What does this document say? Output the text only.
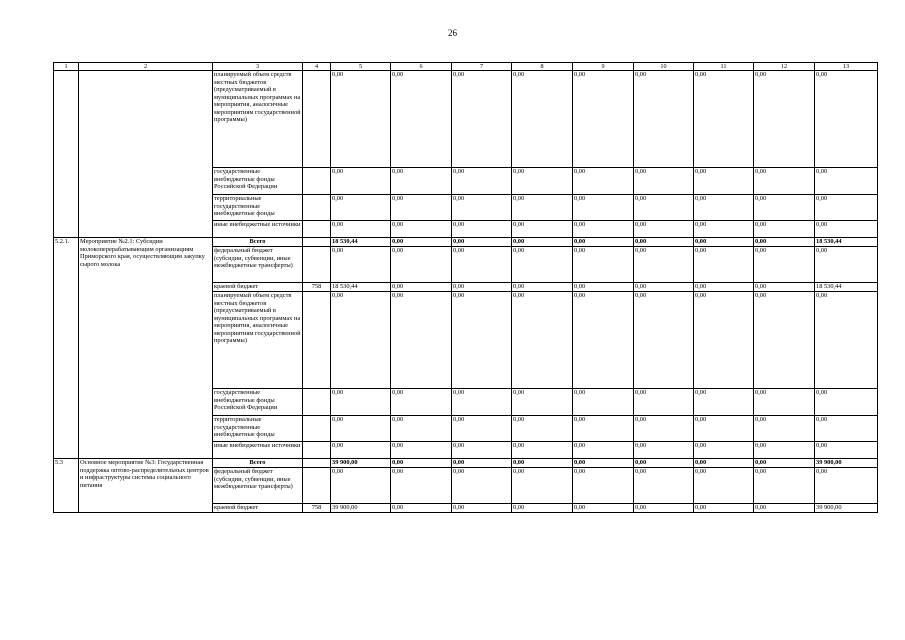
26
1	2	3	4	5	6	7	8	9	10	11	12	13
		планируемый объем средств местных бюджетов (предусматриваемый в муниципальных программах на мероприятия, аналогичные мероприятиям государственной программы)		0,00	0,00	0,00	0,00	0,00	0,00	0,00	0,00	0,00
		государственные внебюджетные фонды Российской Федерации		0,00	0,00	0,00	0,00	0,00	0,00	0,00	0,00	0,00
		территориальные государственные внебюджетные фонды		0,00	0,00	0,00	0,00	0,00	0,00	0,00	0,00	0,00
		иные внебюджетные источники		0,00	0,00	0,00	0,00	0,00	0,00	0,00	0,00	0,00
5.2.1.	Мероприятие №2.1: Субсидии молокоперерабатывающим организациям Приморского края, осуществляющим закупку сырого молока	Всего		18 530,44	0,00	0,00	0,00	0,00	0,00	0,00	0,00	18 530,44
		федеральный бюджет (субсидии, субвенции, иные межбюджетные трансферты)		0,00	0,00	0,00	0,00	0,00	0,00	0,00	0,00	0,00
		краевой бюджет	758	18 530,44	0,00	0,00	0,00	0,00	0,00	0,00	0,00	18 530,44
		планируемый объем средств местных бюджетов (предусматриваемый в муниципальных программах на мероприятия, аналогичные мероприятиям государственной программы)		0,00	0,00	0,00	0,00	0,00	0,00	0,00	0,00	0,00
		государственные внебюджетные фонды Российской Федерации		0,00	0,00	0,00	0,00	0,00	0,00	0,00	0,00	0,00
		территориальные государственные внебюджетные фонды		0,00	0,00	0,00	0,00	0,00	0,00	0,00	0,00	0,00
		иные внебюджетные источники		0,00	0,00	0,00	0,00	0,00	0,00	0,00	0,00	0,00
5.3	Основное мероприятие №3: Государственная поддержка оптово-распределительных центров и инфраструктуры системы социального питания	Всего		39 900,00	0,00	0,00	0,00	0,00	0,00	0,00	0,00	39 900,00
		федеральный бюджет (субсидии, субвенции, иные межбюджетные трансферты)		0,00	0,00	0,00	0,00	0,00	0,00	0,00	0,00	0,00
		краевой бюджет	758	39 900,00	0,00	0,00	0,00	0,00	0,00	0,00	0,00	39 900,00
